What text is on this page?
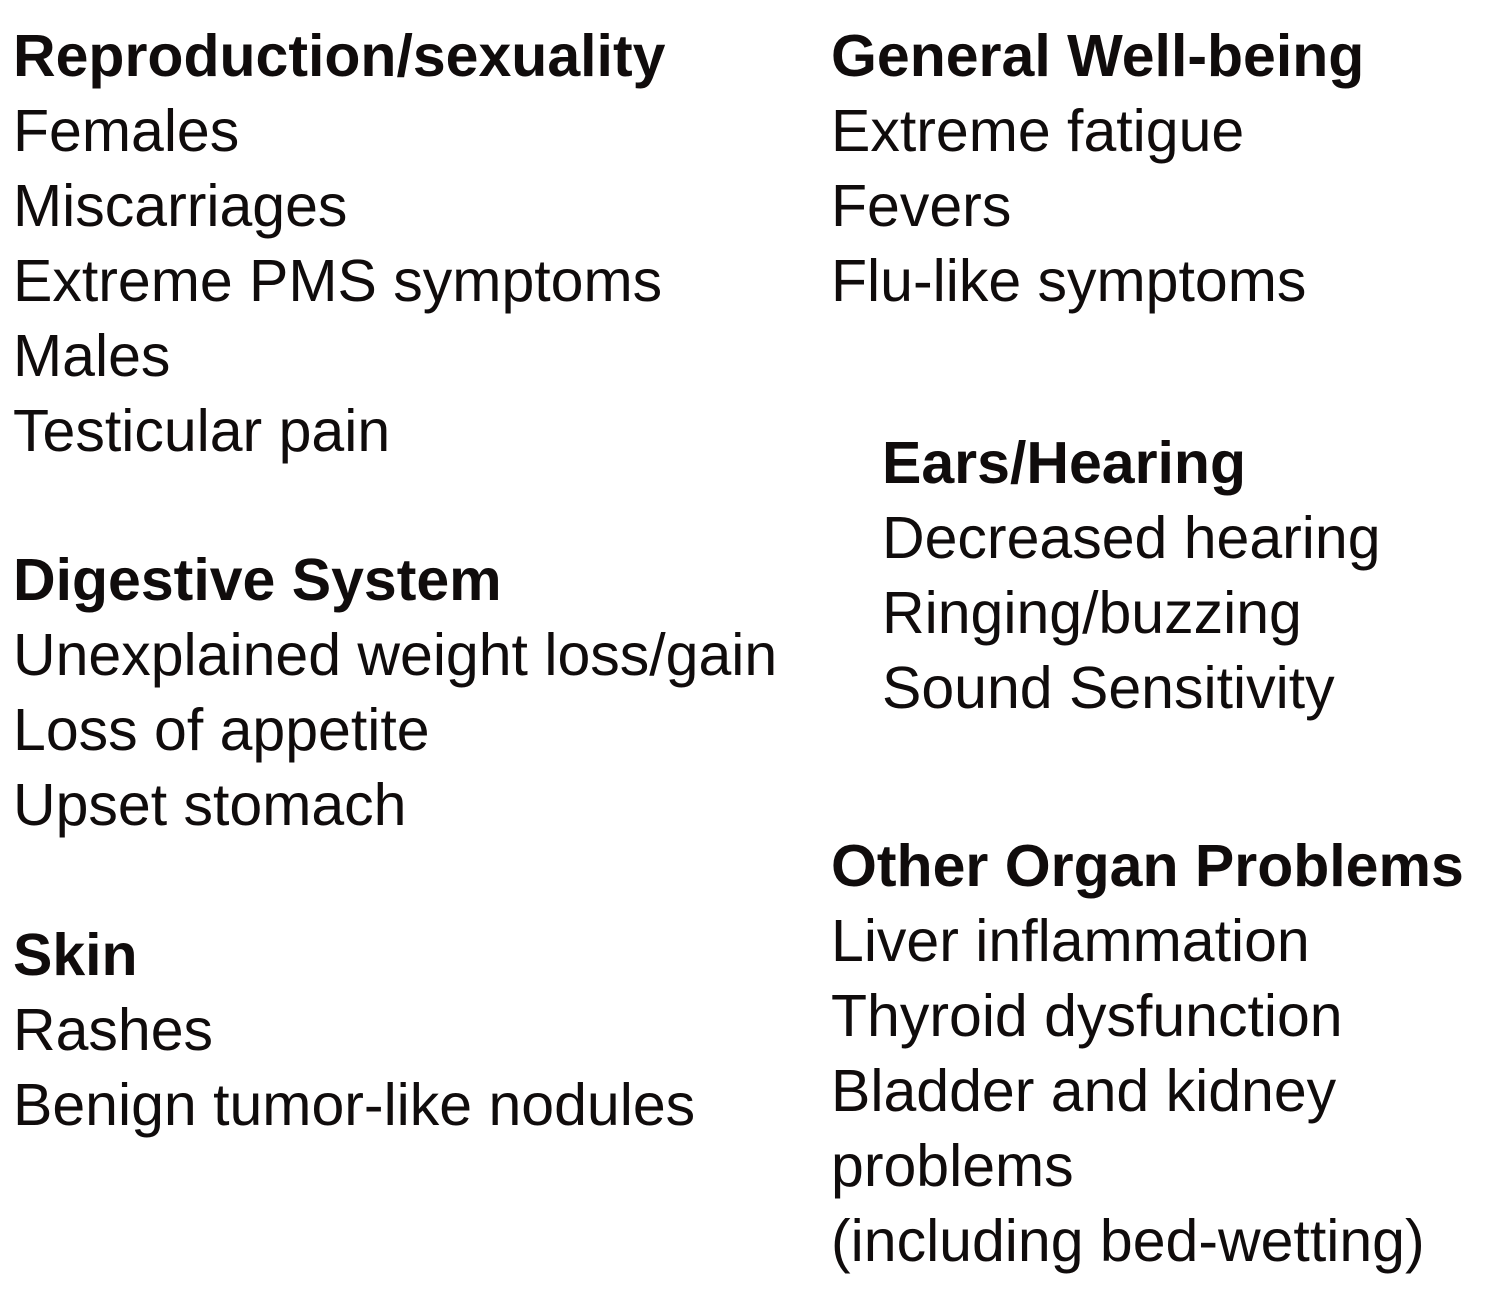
Reproduction/sexuality
Females
Miscarriages
Extreme PMS symptoms
Males
Testicular pain
Digestive System
Unexplained weight loss/gain
Loss of appetite
Upset stomach
Skin
Rashes
Benign tumor-like nodules
General Well-being
Extreme fatigue
Fevers
Flu-like symptoms
Ears/Hearing
Decreased hearing
Ringing/buzzing
Sound Sensitivity
Other Organ Problems
Liver inflammation
Thyroid dysfunction
Bladder and kidney
problems
(including bed-wetting)
